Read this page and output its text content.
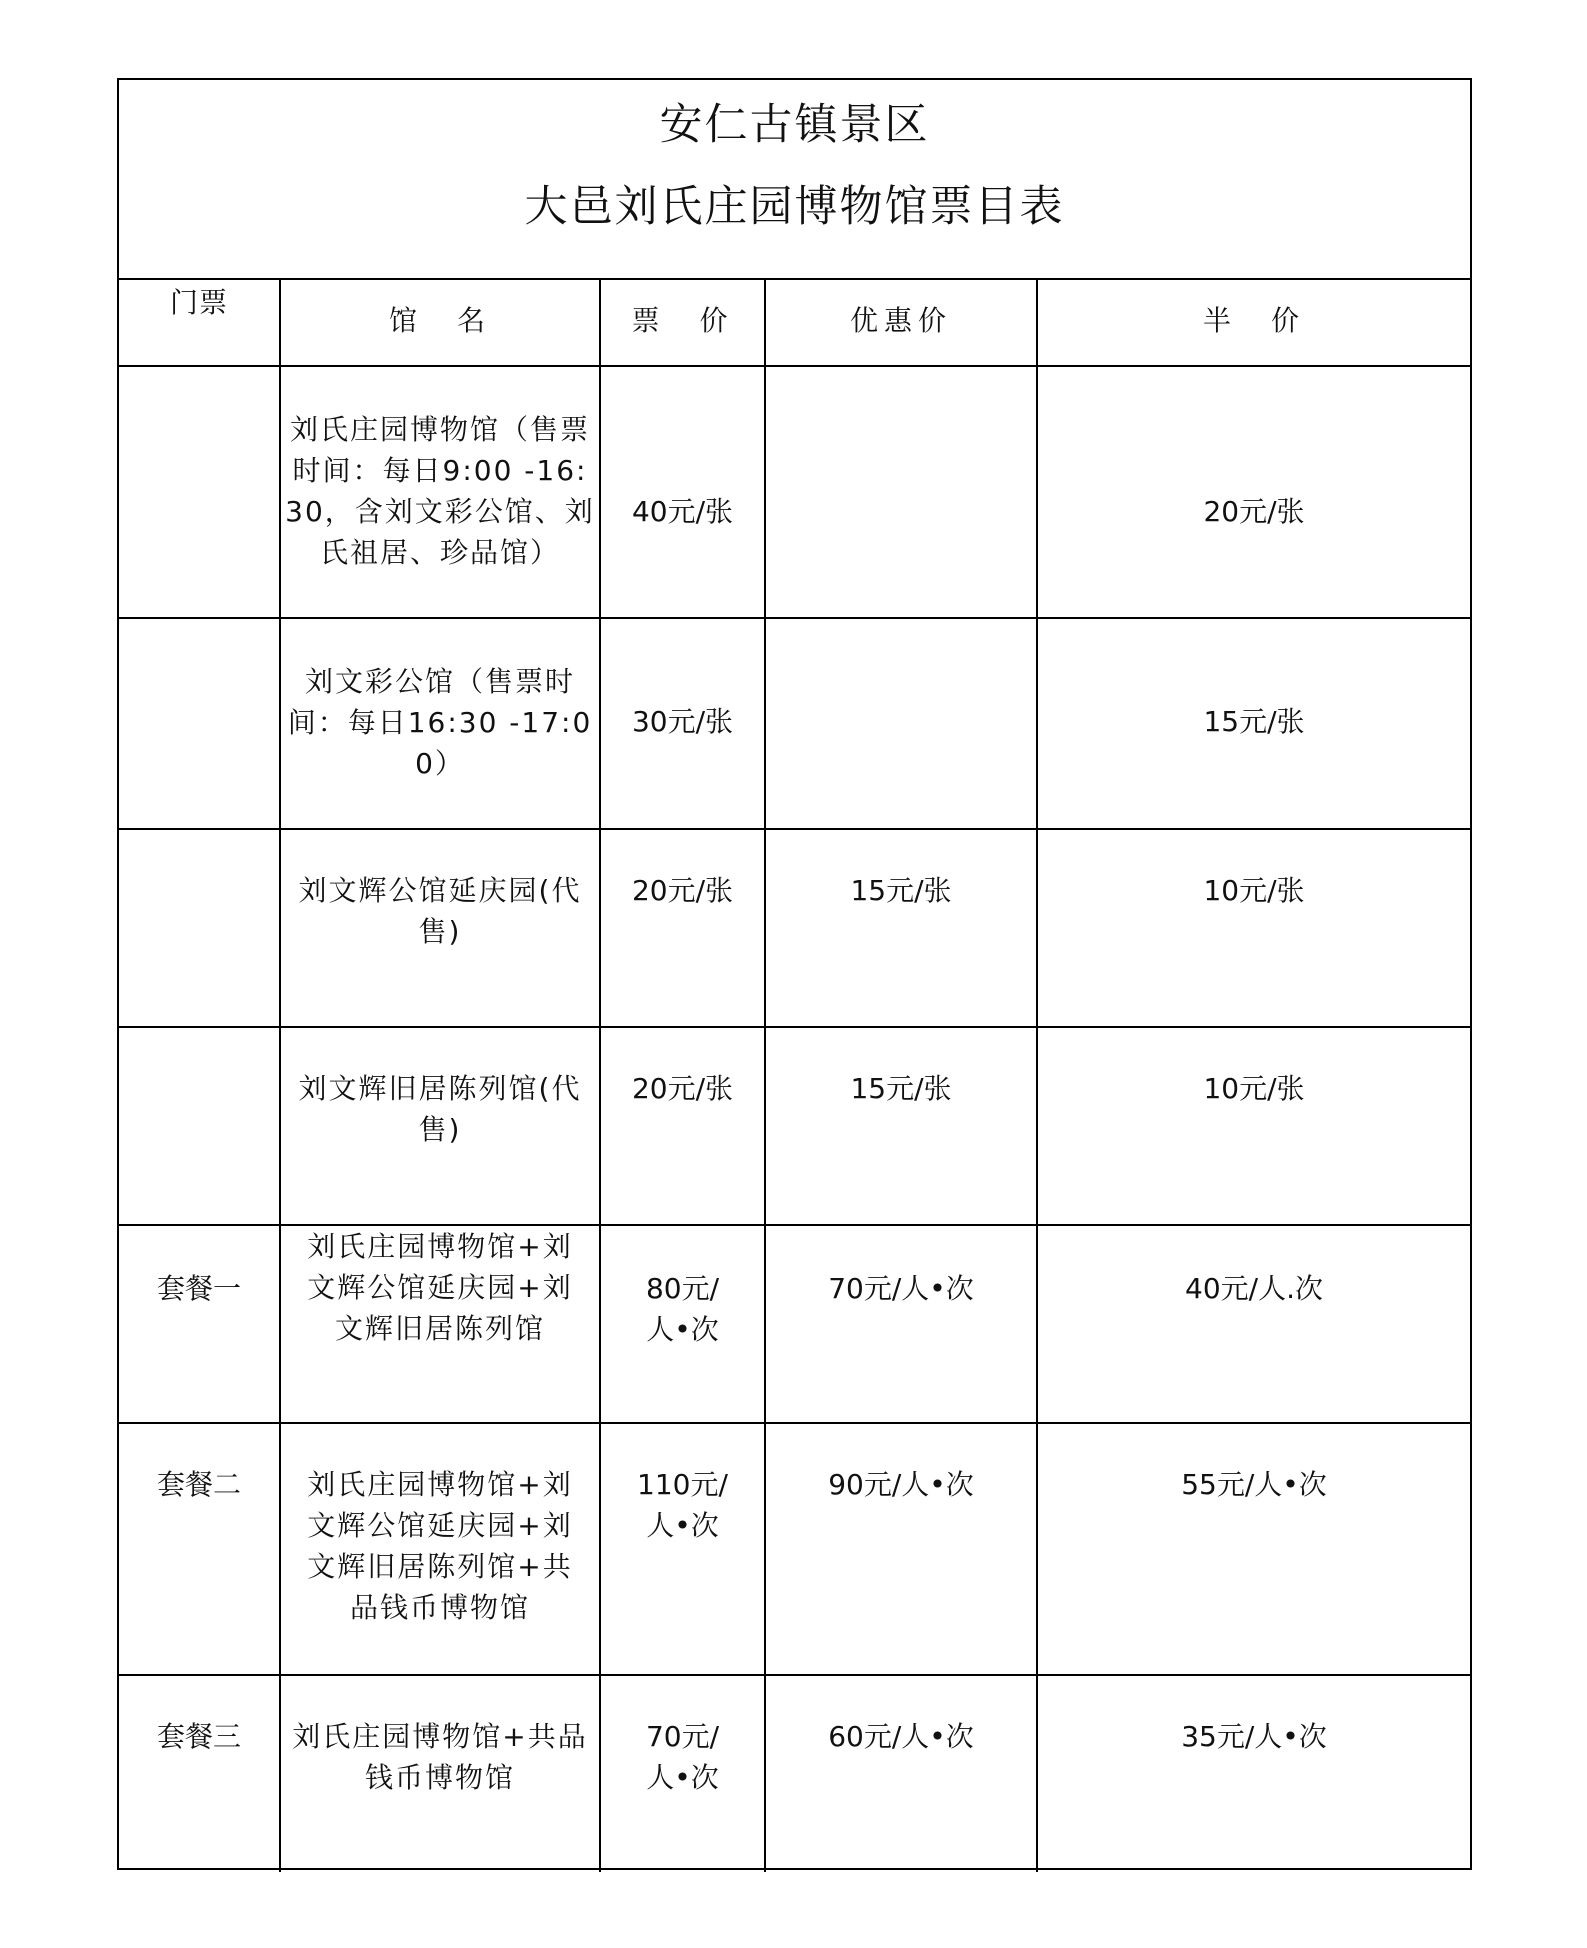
安仁古镇景区
大邑刘氏庄园博物馆票目表
门票	馆　名	票　价	优惠价	半　价

	刘氏庄园博物馆（售票时间：每日9:00 -16:30，含刘文彩公馆、刘氏祖居、珍品馆）	40元/张		20元/张

	刘文彩公馆（售票时间：每日16:30 -17:00）	30元/张		15元/张

	刘文辉公馆延庆园(代售)	20元/张	15元/张	10元/张

	刘文辉旧居陈列馆(代售)	20元/张	15元/张	10元/张

套餐一	刘氏庄园博物馆+刘文辉公馆延庆园+刘文辉旧居陈列馆	80元/人•次	70元/人•次	40元/人.次

套餐二	刘氏庄园博物馆+刘文辉公馆延庆园+刘文辉旧居陈列馆+共品钱币博物馆	110元/人•次	90元/人•次	55元/人•次

套餐三	刘氏庄园博物馆+共品钱币博物馆	70元/人•次	60元/人•次	35元/人•次
